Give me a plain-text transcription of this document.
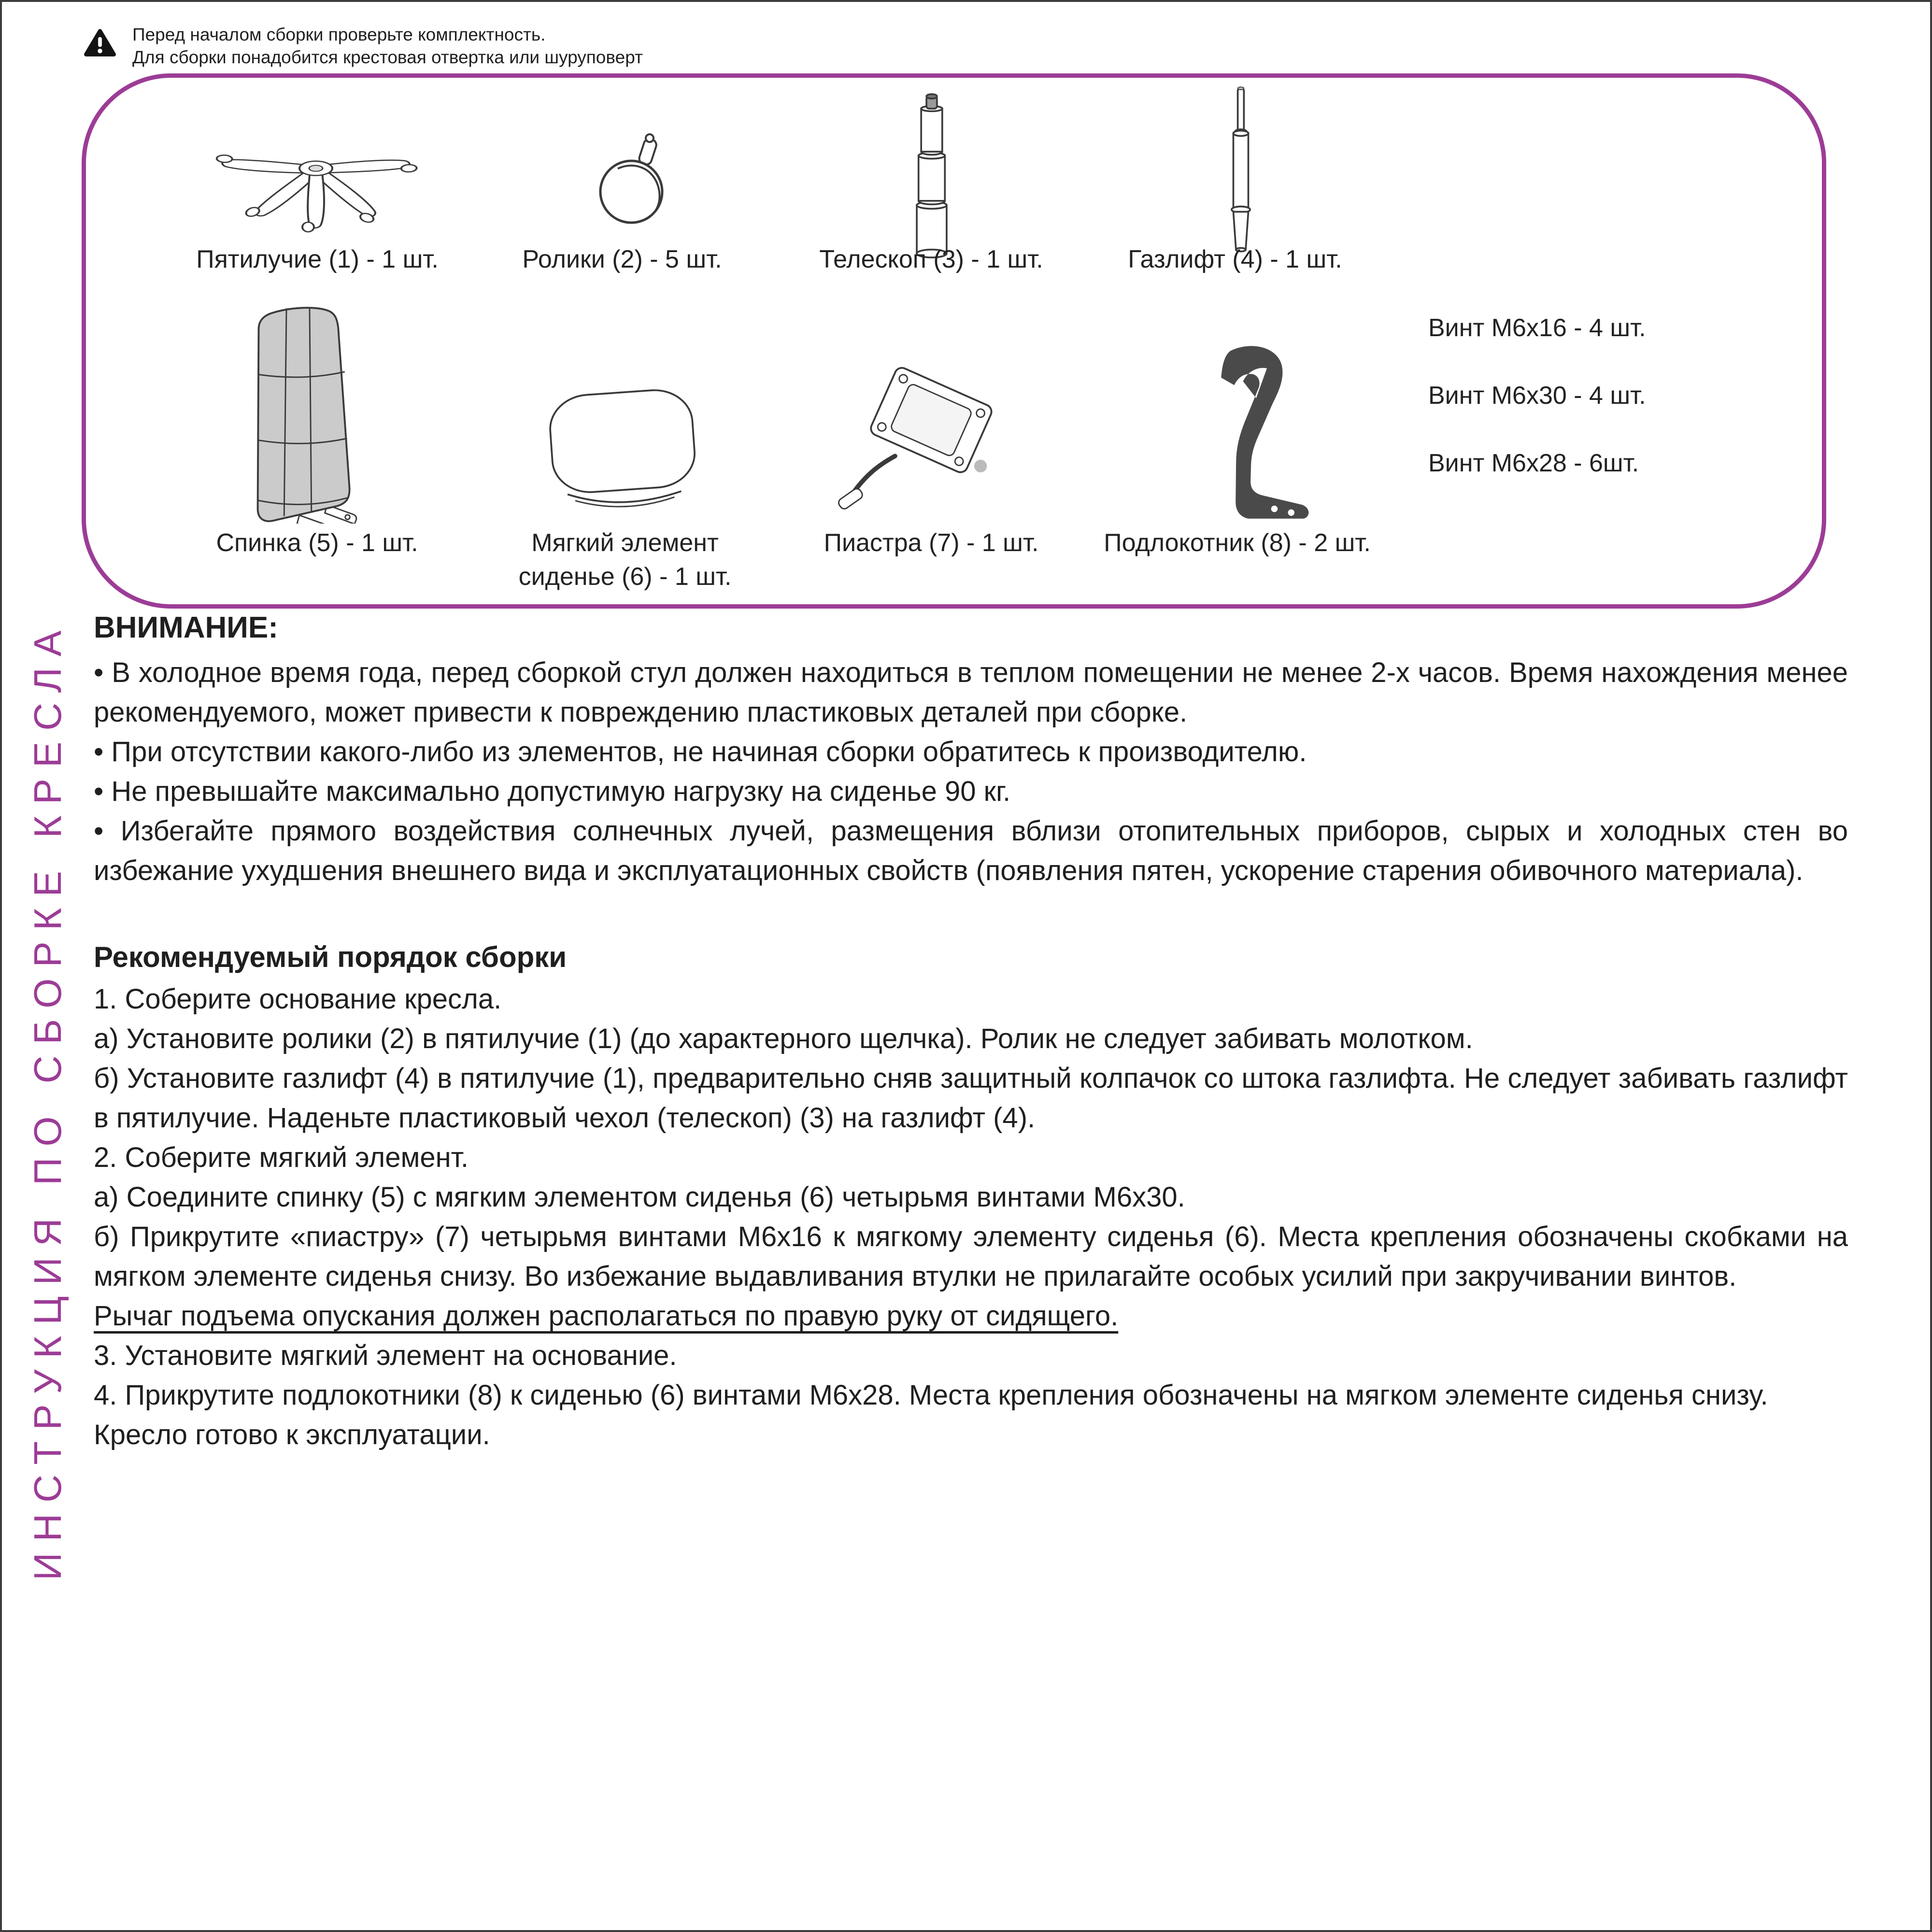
Перед началом сборки проверьте комплектность.
Для сборки понадобится крестовая отвертка или шуруповерт
Пятилучие (1) - 1 шт.	Ролики (2) - 5 шт.	Телескоп (3) - 1 шт.	Газлифт (4) - 1 шт.
Винт М6х16 - 4 шт.
Винт М6х30 - 4 шт.
Винт М6х28 - 6шт.
Спинка (5) - 1 шт.	Мягкий элемент
сиденье (6) - 1 шт.
Пиастра (7) - 1 шт.	Подлокотник (8) - 2 шт.
ИНСТРУКЦИЯ ПО СБОРКЕ КРЕСЛА ВНИМАНИЕ:

• В холодное время года, перед сборкой стул должен находиться в теплом помещении не менее 2-х часов. Время нахождения менее рекомендуемого, может привести к повреждению пластиковых деталей при сборке.

• При отсутствии какого-либо из элементов, не начиная сборки обратитесь к производителю.

• Не превышайте максимально допустимую нагрузку на сиденье 90 кг.

• Избегайте прямого воздействия солнечных лучей, размещения вблизи отопительных приборов, сырых и холодных стен во избежание ухудшения внешнего вида и эксплуатационных свойств (появления пятен, ускорение старения обивочного материала).

Рекомендуемый порядок сборки

1. Соберите основание кресла.

а) Установите ролики (2) в пятилучие (1) (до характерного щелчка). Ролик не следует забивать молотком.

б) Установите газлифт (4) в пятилучие (1), предварительно сняв защитный колпачок со штока газлифта. Не следует забивать газлифт в пятилучие. Наденьте пластиковый чехол (телескоп) (3) на газлифт (4).

2. Соберите мягкий элемент.

а) Соедините спинку (5) с мягким элементом сиденья (6) четырьмя винтами М6х30.

б) Прикрутите «пиастру» (7) четырьмя винтами М6х16 к мягкому элементу сиденья (6). Места крепления обозначены скобками на мягком элементе сиденья снизу. Во избежание выдавливания втулки не прилагайте особых усилий при закручивании винтов.

Рычаг подъема опускания должен располагаться по правую руку от сидящего.

3. Установите мягкий элемент на основание.

4. Прикрутите подлокотники (8) к сиденью (6) винтами М6х28. Места крепления обозначены на мягком элементе сиденья снизу.

Кресло готово к эксплуатации.
